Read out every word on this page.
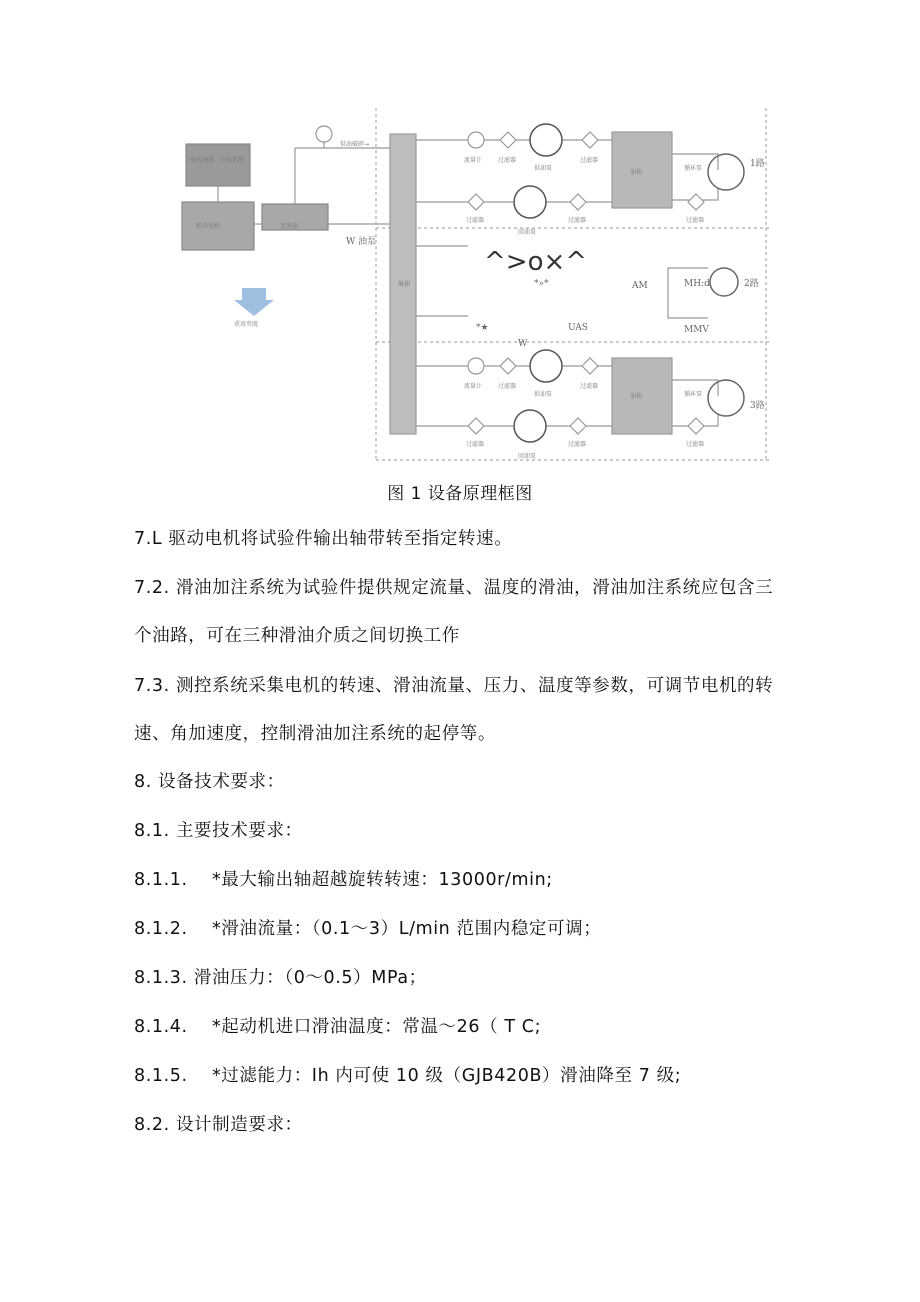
电机润滑、冷却系统
驱动电机	变速箱
供油破碎→
W 油泵
重用夹既
集箱
流量计	过滤器
供油泵
过滤器
油箱
循环泵	1路
过滤器
回油泵
过滤器	过滤器
^>o×^
*»*	AM	MH:d	2路
UAS
*★
W
MMV
流量计	过滤器
供油泵
过滤器
油箱	循环泵
3路
过滤器	过滤器	过滤器
回油泵
图 1 设备原理框图
7.L 驱动电机将试验件输出轴带转至指定转速。
7.2. 滑油加注系统为试验件提供规定流量、温度的滑油，滑油加注系统应包含三个油路，可在三种滑油介质之间切换工作
7.3. 测控系统采集电机的转速、滑油流量、压力、温度等参数，可调节电机的转速、角加速度，控制滑油加注系统的起停等。
8. 设备技术要求：
8.1. 主要技术要求：
8.1.1.　 *最大输出轴超越旋转转速：13000r/min;
8.1.2.　 *滑油流量：（0.1～3）L/min 范围内稳定可调；
8.1.3. 滑油压力：（0～0.5）MPa；
8.1.4.　 *起动机进口滑油温度：常温〜26（ T C;
8.1.5.　 *过滤能力：Ih 内可使 10 级（GJB420B）滑油降至 7 级;
8.2. 设计制造要求：
